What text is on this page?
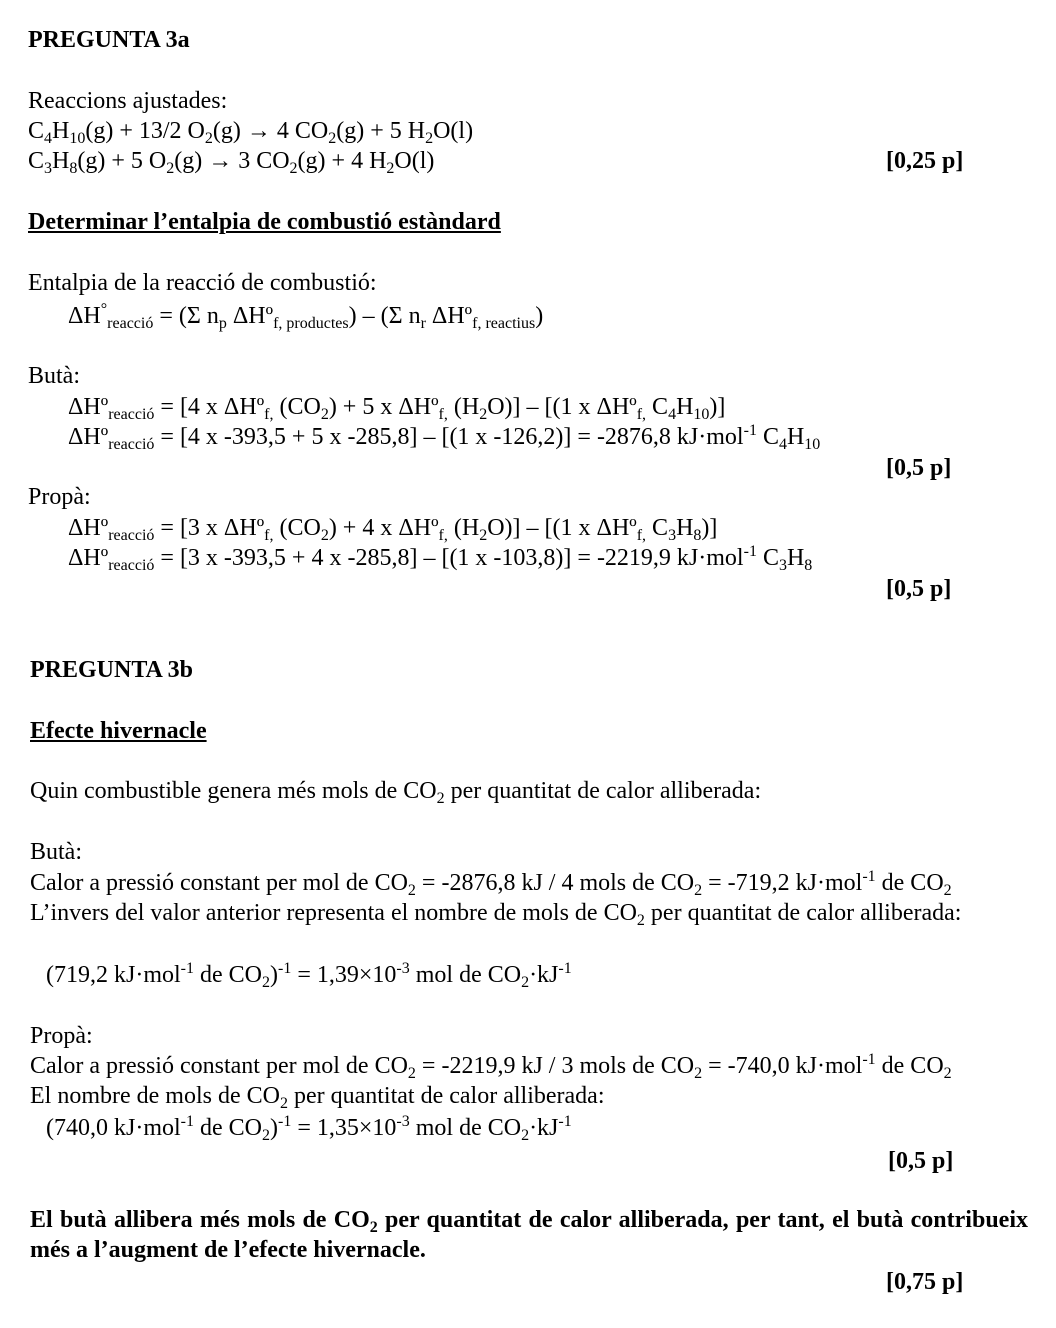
PREGUNTA 3a
Reaccions ajustades:
$C_4H_{10}(g) + 13/2$ $O_2(g) \to 4$ $CO_2(g) + 5$ $H_2O(l)$
$C_3H_8(g) + 5$ $O_2(g) \to 3$ $CO_2(g) + 4$ $H_2O(l)$	[0,25 p]
Determinar l’entalpia de combustió estàndard
Entalpia de la reacció de combustió:
$\Delta H^\circ_{reacció} = (\Sigma$ $n_p$ ΔHº$_{f, productes}$) – (Σ $n_r$ ΔHº$_{f, reactius}$)
Butà:
ΔHº$_{reacció}$ = [4 x ΔHº$_{f,}$ $(CO_2) + 5$ x ΔHº$_{f,}$ $(H_2O)] - [(1$ x ΔHº$_{f,}$ $C_4H_{10}$)]
ΔHº$_{reacció}$ = [4 x -393,5 + 5 x -285,8] – [(1 x -126,2)] = -2876,8 kJ·mol$^{-1}$ $C_4H_{10}$
[0,5 p]
Propà:
ΔHº$_{reacció}$ = [3 x ΔHº$_{f,}$ $(CO_2) + 4$ x ΔHº$_{f,}$ $(H_2O)] - [(1$ x ΔHº$_{f,}$ $C_3H_8$)]
ΔHº$_{reacció}$ = [3 x -393,5 + 4 x -285,8] – [(1 x -103,8)] = -2219,9 kJ·mol$^{-1}$ $C_3H_8$
[0,5 p]
PREGUNTA 3b
Efecte hivernacle
Quin combustible genera més mols de $CO_2$ per quantitat de calor alliberada:
Butà:
Calor a pressió constant per mol de $CO_2 = -2876,8$ kJ / 4 mols de $CO_2 = -719,2$ kJ·mol$^{-1}$ de $CO_2$
L’invers del valor anterior representa el nombre de mols de $CO_2$ per quantitat de calor alliberada:
(719,2 kJ·mol$^{-1}$ de $CO_2)^{-1} = 1,39\times 10^{-3}$ mol de $CO_2\cdot kJ^{-1}$
Propà:
Calor a pressió constant per mol de $CO_2 = -2219,9$ kJ / 3 mols de $CO_2 = -740,0$ kJ·mol$^{-1}$ de $CO_2$
El nombre de mols de $CO_2$ per quantitat de calor alliberada:
(740,0 kJ·mol$^{-1}$ de $CO_2)^{-1} = 1,35\times 10^{-3}$ mol de $CO_2\cdot kJ^{-1}$
[0,5 p]
El butà allibera més mols de $CO_2$ per quantitat de calor alliberada, per tant, el butà contribueix més a l’augment de l’efecte hivernacle.
[0,75 p]
